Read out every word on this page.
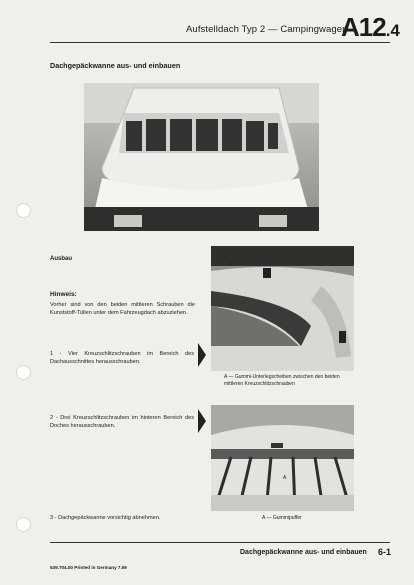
Aufstelldach Typ 2 — Campingwagen
A12.4
Dachgepäckwanne aus- und einbauen
Ausbau
Hinweis:
Vorher sind von den beiden mittleren Schrauben die Kunststoff-Tüllen unter dem Fahrzeugdach abzuziehen.
1 - Vier Kreuzschlitzschrauben im Bereich des Dachausschnittes herausschrauben.
A
A — Gummi-Unterlegscheiben zwischen den beiden mittleren Kreuzschlitzschrauben
2 - Drei Kreuzschlitzschrauben im hinteren Bereich des Doches herausschrauben.
A
3 - Dachgepäckwanne vorsichtig abnehmen.	A — Gummipuffer
Dachgepäckwanne aus- und einbauen 6-1
539.704.00 Printed in Germany 7.69
